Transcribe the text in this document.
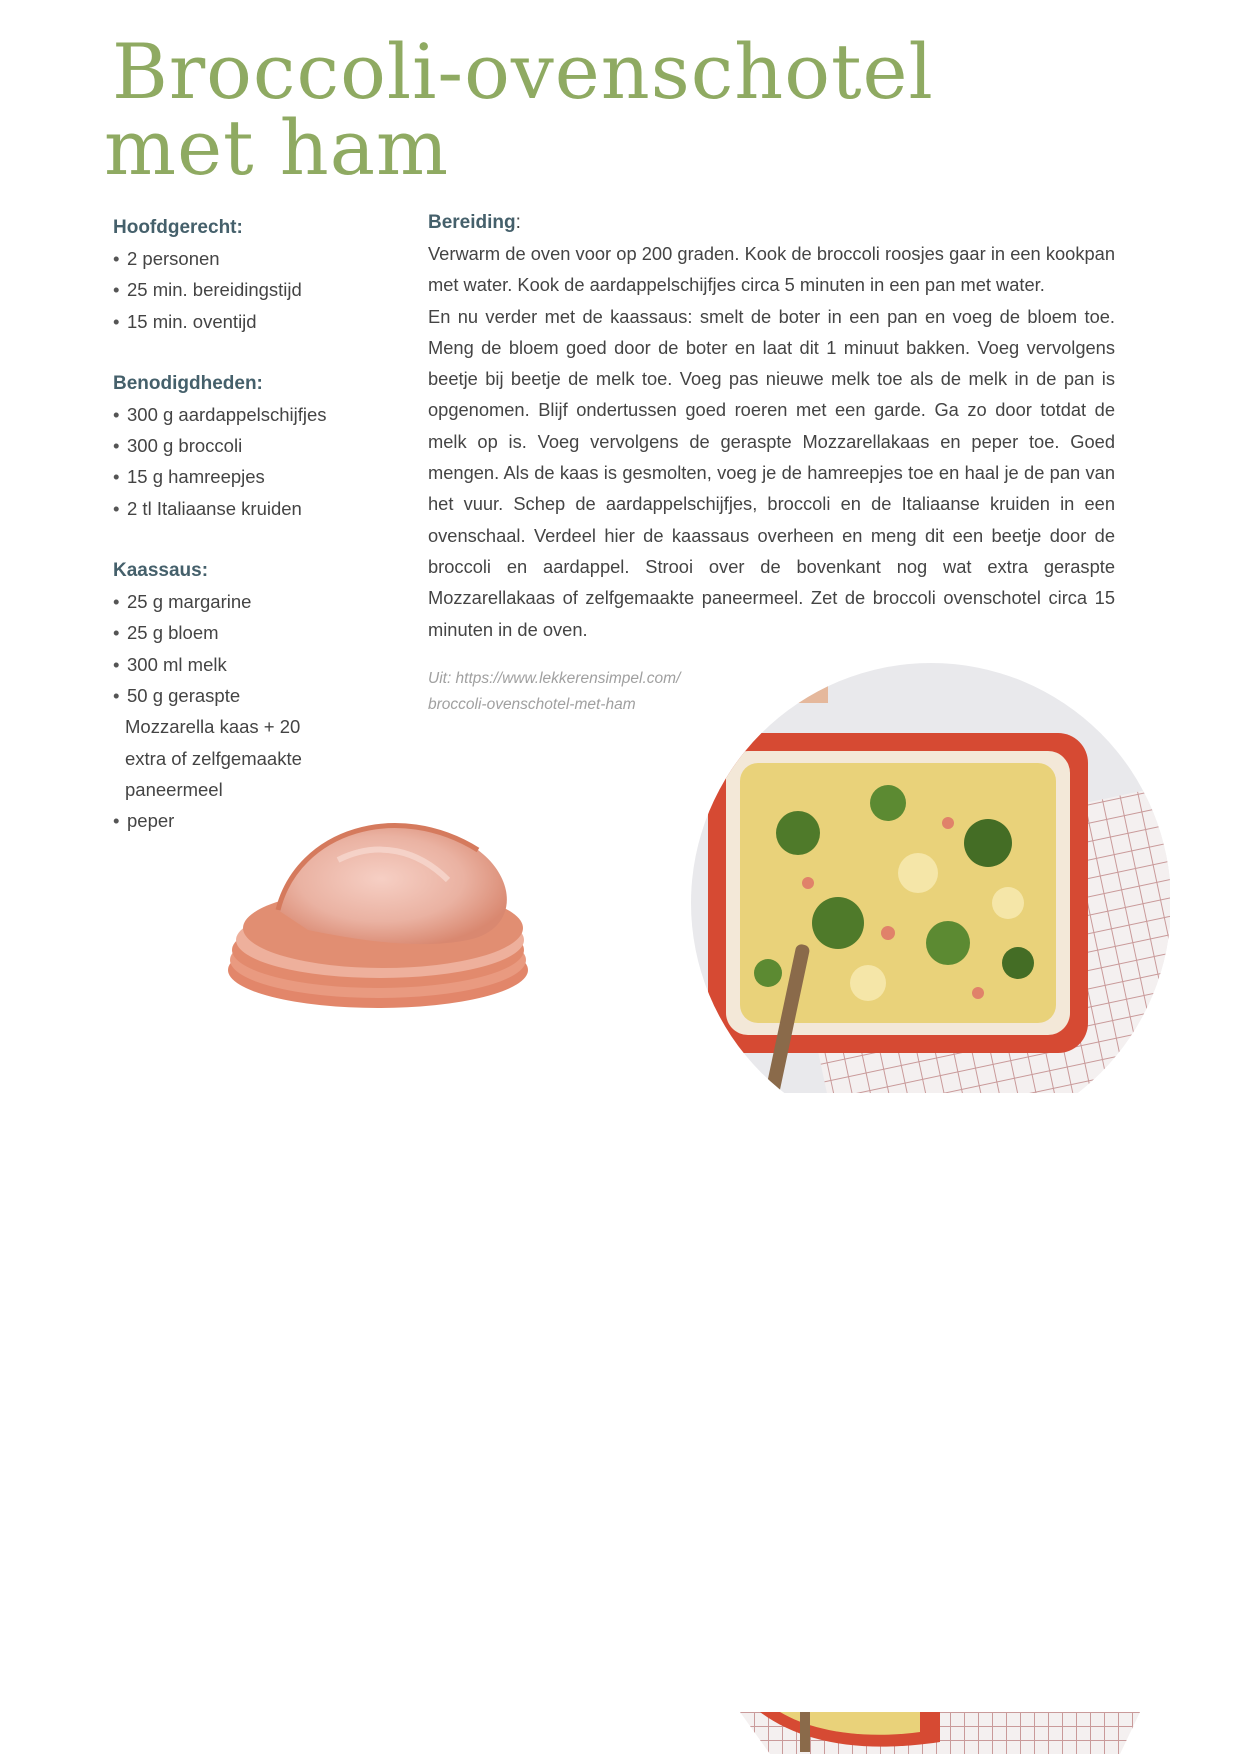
Broccoli-ovenschotel
met ham

Hoofdgerecht:

• 2 personen
• 25 min. bereidingstijd
• 15 min. oventijd

Benodigdheden:

• 300 g aardappelschijfjes
• 300 g broccoli
• 15 g hamreepjes
• 2 tl Italiaanse kruiden

Kaassaus:

• 25 g margarine
• 25 g bloem
• 300 ml melk
• 50 g geraspte
Mozzarella kaas + 20
extra of zelfgemaakte
paneermeel
• peper

Bereiding:

Verwarm de oven voor op 200 graden. Kook de broccoli roosjes gaar in een kookpan met water. Kook de aardappelschijfjes circa 5 minuten in een pan met water.

En nu verder met de kaassaus: smelt de boter in een pan en voeg de bloem toe. Meng de bloem goed door de boter en laat dit 1 minuut bakken. Voeg vervolgens beetje bij beetje de melk toe. Voeg pas nieuwe melk toe als de melk in de pan is opgenomen. Blijf ondertussen goed roeren met een garde. Ga zo door totdat de melk op is. Voeg vervolgens de geraspte Mozzarellakaas en peper toe. Goed mengen. Als de kaas is gesmolten, voeg je de hamreepjes toe en haal je de pan van het vuur. Schep de aardappelschijfjes, broccoli en de Italiaanse kruiden in een ovenschaal. Verdeel hier de kaassaus overheen en meng dit een beetje door de broccoli en aardappel. Strooi over de bovenkant nog wat extra geraspte Mozzarellakaas of zelfgemaakte paneermeel. Zet de broccoli ovenschotel circa 15 minuten in de oven.

Uit: https://www.lekkerensimpel.com/
broccoli-ovenschotel-met-ham
